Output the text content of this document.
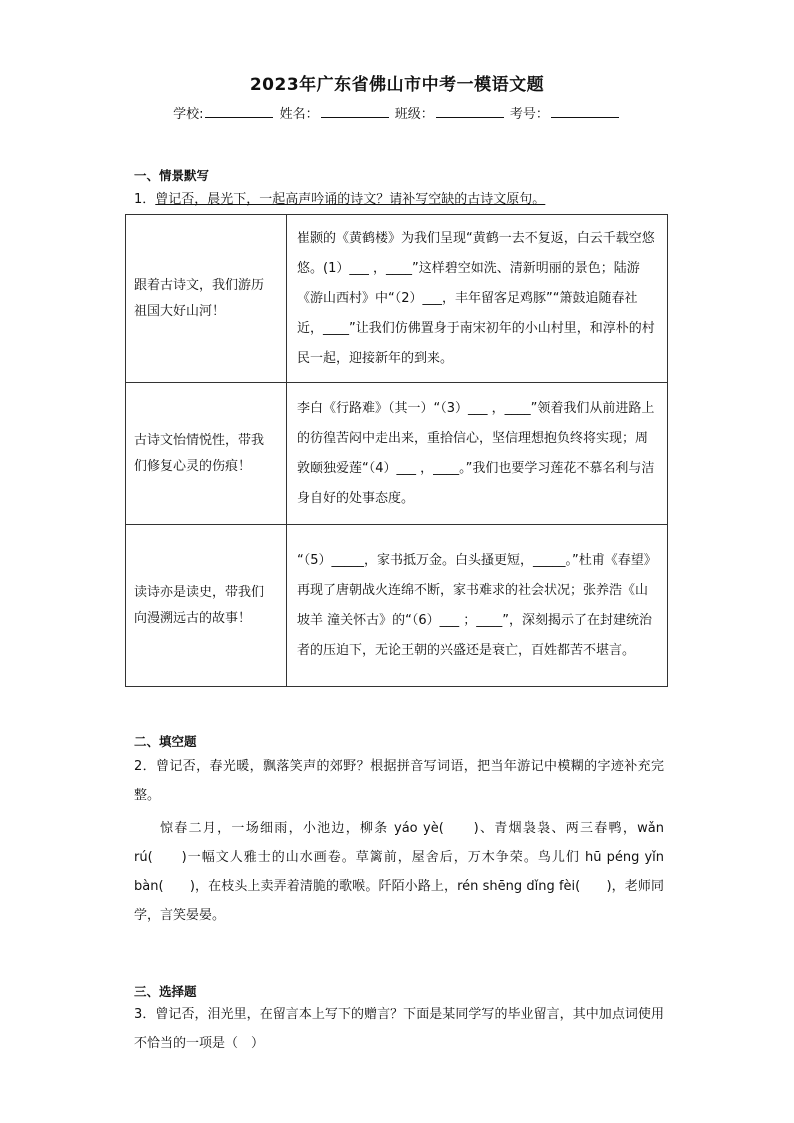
2023年广东省佛山市中考一模语文题
学校:	姓名：	班级：	考号：
一、情景默写
1．曾记否，晨光下，一起高声吟诵的诗文？请补写空缺的古诗文原句。
跟着古诗文，我们游历祖国大好山河！	崔颢的《黄鹤楼》为我们呈现“黄鹤一去不复返，白云千载空悠悠。(1）___ ，____”这样碧空如洗、清新明丽的景色；陆游《游山西村》中“（2）___，丰年留客足鸡豚”“箫鼓追随春社近，____”让我们仿佛置身于南宋初年的小山村里，和淳朴的村民一起，迎接新年的到来。
古诗文怡情悦性，带我们修复心灵的伤痕！	李白《行路难》（其一）“（3）___ ，____”领着我们从前进路上的彷徨苦闷中走出来，重拾信心，坚信理想抱负终将实现；周敦颐独爱莲“（4）___ ，____。”我们也要学习莲花不慕名利与洁身自好的处事态度。
读诗亦是读史，带我们向漫溯远古的故事！	“（5）_____，家书抵万金。白头搔更短，_____。”杜甫《春望》再现了唐朝战火连绵不断，家书难求的社会状况；张养浩《山坡羊 潼关怀古》的“（6）___ ；____”，深刻揭示了在封建统治者的压迫下，无论王朝的兴盛还是衰亡，百姓都苦不堪言。
二、填空题
2．曾记否，春光暖，飘落笑声的郊野？根据拼音写词语，把当年游记中模糊的字迹补充完整。
惊春二月，一场细雨，小池边，柳条 yáo yè(　　)、青烟袅袅、两三春鸭，wǎn rú(　　)一幅文人雅士的山水画卷。草篱前，屋舍后，万木争荣。鸟儿们 hū péng yǐn bàn(　　)，在枝头上卖弄着清脆的歌喉。阡陌小路上，rén shēng dǐng fèi(　　)，老师同学，言笑晏晏。
三、选择题
3．曾记否，泪光里，在留言本上写下的赠言？下面是某同学写的毕业留言，其中加点词使用不恰当的一项是（　）
